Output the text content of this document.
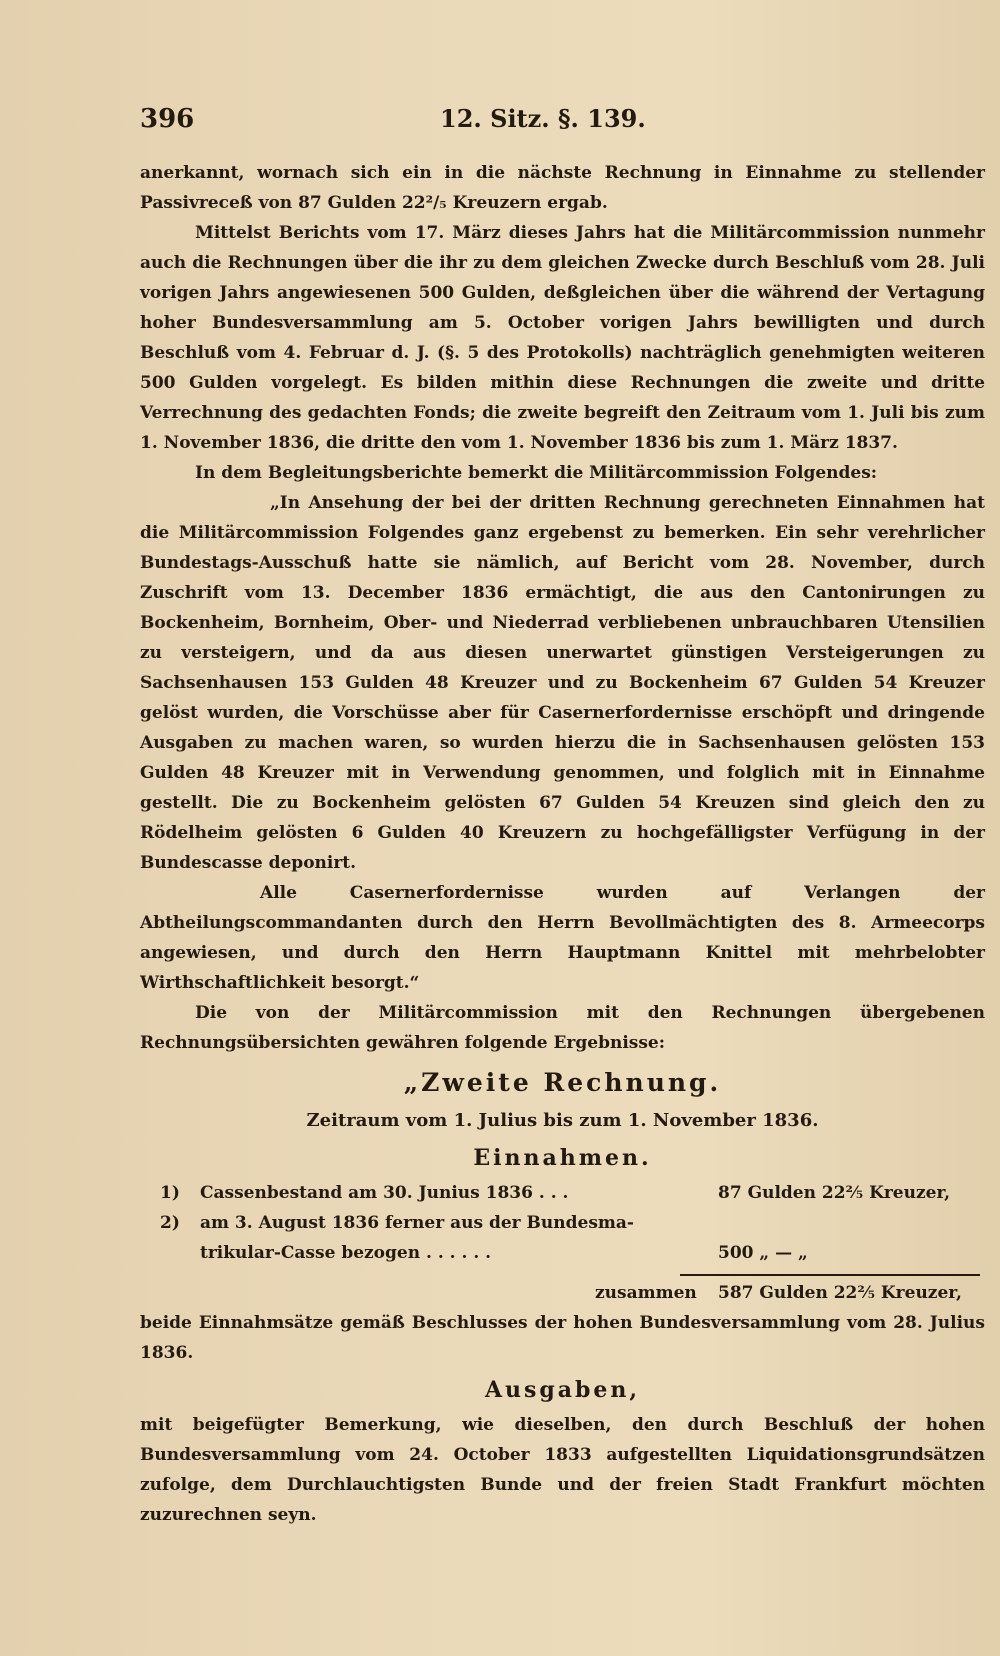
396	12. Sitz. §. 139.

anerkannt, wornach sich ein in die nächste Rechnung in Einnahme zu stellender Passivreceß von 87 Gulden 22²/₅ Kreuzern ergab.

Mittelst Berichts vom 17. März dieses Jahrs hat die Militärcommission nunmehr auch die Rechnungen über die ihr zu dem gleichen Zwecke durch Beschluß vom 28. Juli vorigen Jahrs angewiesenen 500 Gulden, deßgleichen über die während der Vertagung hoher Bundesversammlung am 5. October vorigen Jahrs bewilligten und durch Beschluß vom 4. Februar d. J. (§. 5 des Protokolls) nachträglich genehmigten weiteren 500 Gulden vorgelegt. Es bilden mithin diese Rechnungen die zweite und dritte Verrechnung des gedachten Fonds; die zweite begreift den Zeitraum vom 1. Juli bis zum 1. November 1836, die dritte den vom 1. November 1836 bis zum 1. März 1837.

In dem Begleitungsberichte bemerkt die Militärcommission Folgendes:

„In Ansehung der bei der dritten Rechnung gerechneten Einnahmen hat die Militärcommission Folgendes ganz ergebenst zu bemerken. Ein sehr verehrlicher Bundestags-Ausschuß hatte sie nämlich, auf Bericht vom 28. November, durch Zuschrift vom 13. December 1836 ermächtigt, die aus den Cantonirungen zu Bockenheim, Bornheim, Ober- und Niederrad verbliebenen unbrauchbaren Utensilien zu versteigern, und da aus diesen unerwartet günstigen Versteigerungen zu Sachsenhausen 153 Gulden 48 Kreuzer und zu Bockenheim 67 Gulden 54 Kreuzer gelöst wurden, die Vorschüsse aber für Casernerfordernisse erschöpft und dringende Ausgaben zu machen waren, so wurden hierzu die in Sachsenhausen gelösten 153 Gulden 48 Kreuzer mit in Verwendung genommen, und folglich mit in Einnahme gestellt. Die zu Bockenheim gelösten 67 Gulden 54 Kreuzen sind gleich den zu Rödelheim gelösten 6 Gulden 40 Kreuzern zu hochgefälligster Verfügung in der Bundescasse deponirt.

Alle Casernerfordernisse wurden auf Verlangen der Abtheilungscommandanten durch den Herrn Bevollmächtigten des 8. Armeecorps angewiesen, und durch den Herrn Hauptmann Knittel mit mehrbelobter Wirthschaftlichkeit besorgt.“

Die von der Militärcommission mit den Rechnungen übergebenen Rechnungsübersichten gewähren folgende Ergebnisse:

„Zweite Rechnung.
Zeitraum vom 1. Julius bis zum 1. November 1836.
Einnahmen.
1) Cassenbestand am 30. Junius 1836 . . .	87 Gulden 22⅖ Kreuzer,
2) am 3. August 1836 ferner aus der Bundesma-
trikular-Casse bezogen . . . . . .	500 „ — „
zusammen 587 Gulden 22⅖ Kreuzer,

beide Einnahmsätze gemäß Beschlusses der hohen Bundesversammlung vom 28. Julius 1836.

Ausgaben,

mit beigefügter Bemerkung, wie dieselben, den durch Beschluß der hohen Bundesversammlung vom 24. October 1833 aufgestellten Liquidationsgrundsätzen zufolge, dem Durchlauchtigsten Bunde und der freien Stadt Frankfurt möchten zuzurechnen seyn.
